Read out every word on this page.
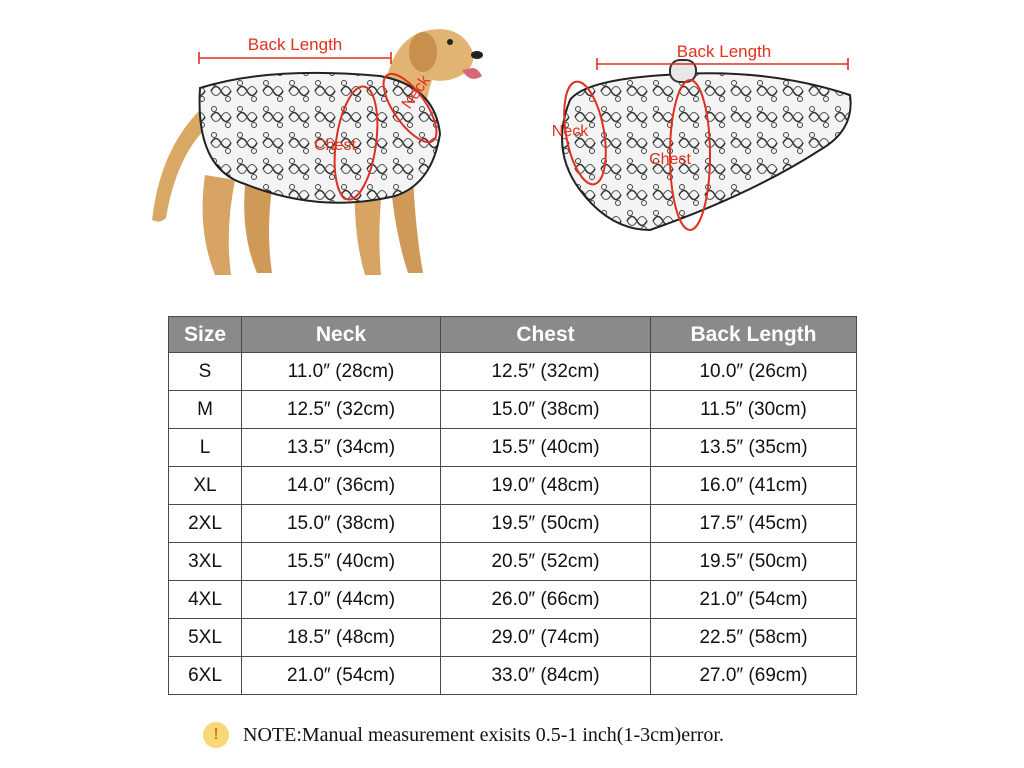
Back Length
Chest
Neck
Back Length
Neck
Chest
Size	Neck	Chest	Back Length
S	11.0″ (28cm)	12.5″ (32cm)	10.0″ (26cm)
M	12.5″ (32cm)	15.0″ (38cm)	11.5″ (30cm)
L	13.5″ (34cm)	15.5″ (40cm)	13.5″ (35cm)
XL	14.0″ (36cm)	19.0″ (48cm)	16.0″ (41cm)
2XL	15.0″ (38cm)	19.5″ (50cm)	17.5″ (45cm)
3XL	15.5″ (40cm)	20.5″ (52cm)	19.5″ (50cm)
4XL	17.0″ (44cm)	26.0″ (66cm)	21.0″ (54cm)
5XL	18.5″ (48cm)	29.0″ (74cm)	22.5″ (58cm)
6XL	21.0″ (54cm)	33.0″ (84cm)	27.0″ (69cm)
!	NOTE:Manual measurement exisits 0.5-1 inch(1-3cm)error.
